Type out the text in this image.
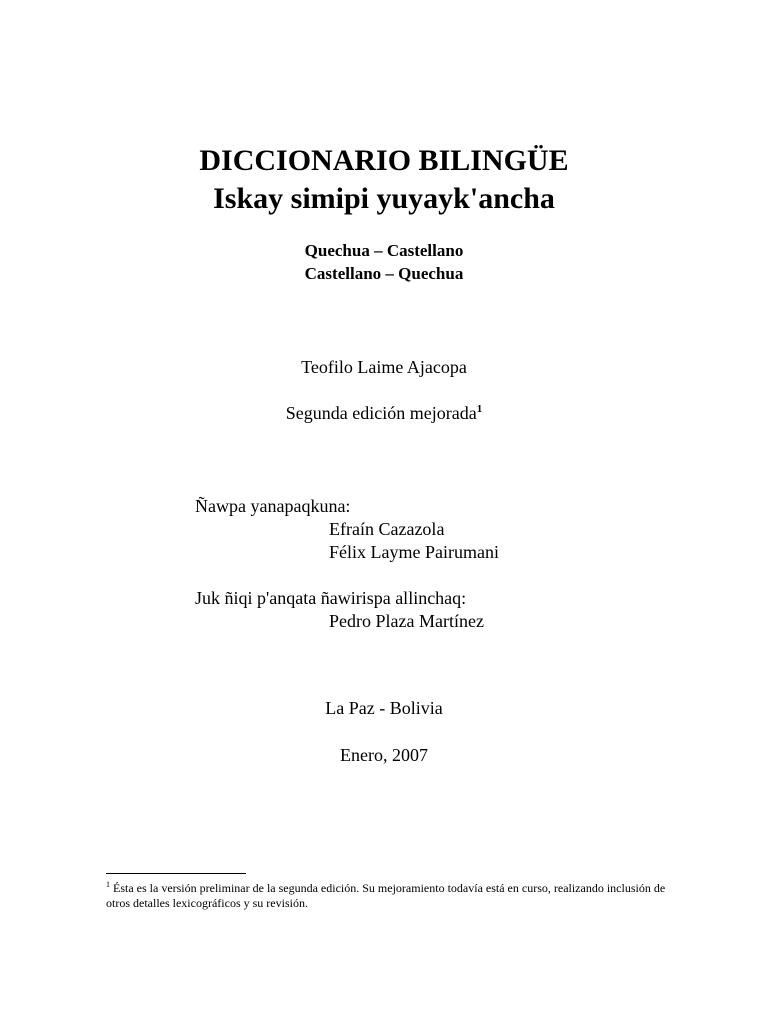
DICCIONARIO BILINGÜE
Iskay simipi yuyayk'ancha
Quechua – Castellano
Castellano – Quechua
Teofilo Laime Ajacopa
Segunda edición mejorada$^1$
Ñawpa yanapaqkuna:
Efraín Cazazola
Félix Layme Pairumani
Juk ñiqi p'anqata ñawirispa allinchaq:
Pedro Plaza Martínez
La Paz - Bolivia
Enero, 2007
$^1$ Ésta es la versión preliminar de la segunda edición. Su mejoramiento todavía está en curso, realizando inclusión de otros detalles lexicográficos y su revisión.
